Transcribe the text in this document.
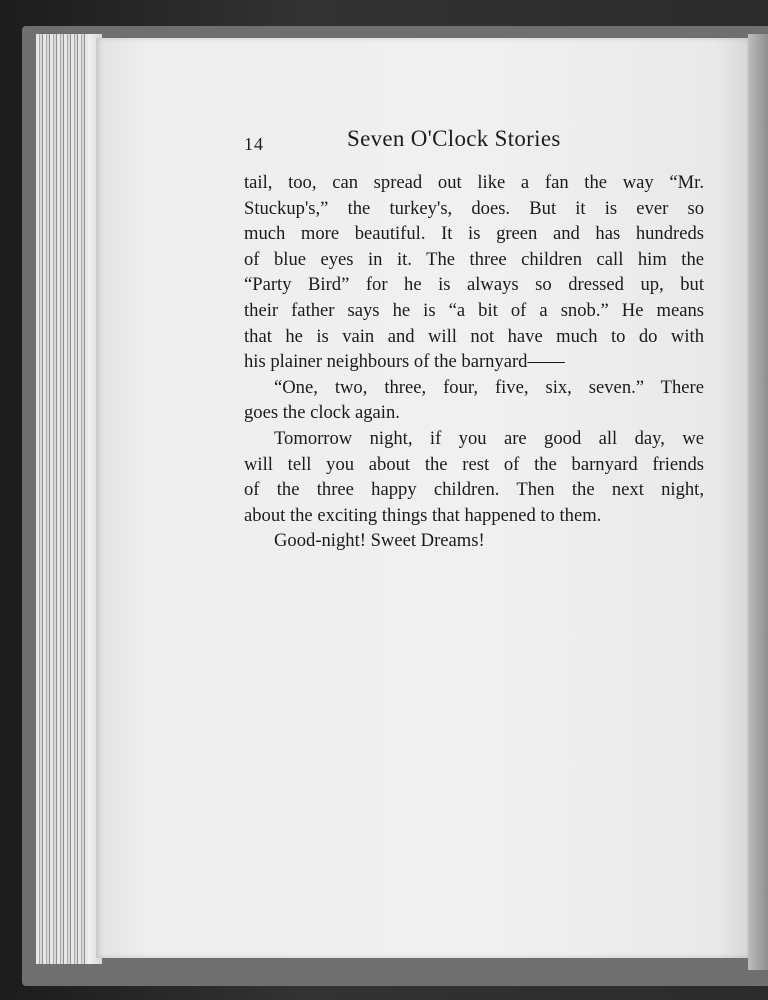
14	Seven O'Clock Stories
tail, too, can spread out like a fan the way “Mr.
Stuckup's,” the turkey's, does. But it is ever so
much more beautiful. It is green and has hundreds
of blue eyes in it. The three children call him the
“Party Bird” for he is always so dressed up, but
their father says he is “a bit of a snob.” He means
that he is vain and will not have much to do with
his plainer neighbours of the barnyard——
“One, two, three, four, five, six, seven.” There
goes the clock again.
Tomorrow night, if you are good all day, we
will tell you about the rest of the barnyard friends
of the three happy children. Then the next night,
about the exciting things that happened to them.
Good-night! Sweet Dreams!
